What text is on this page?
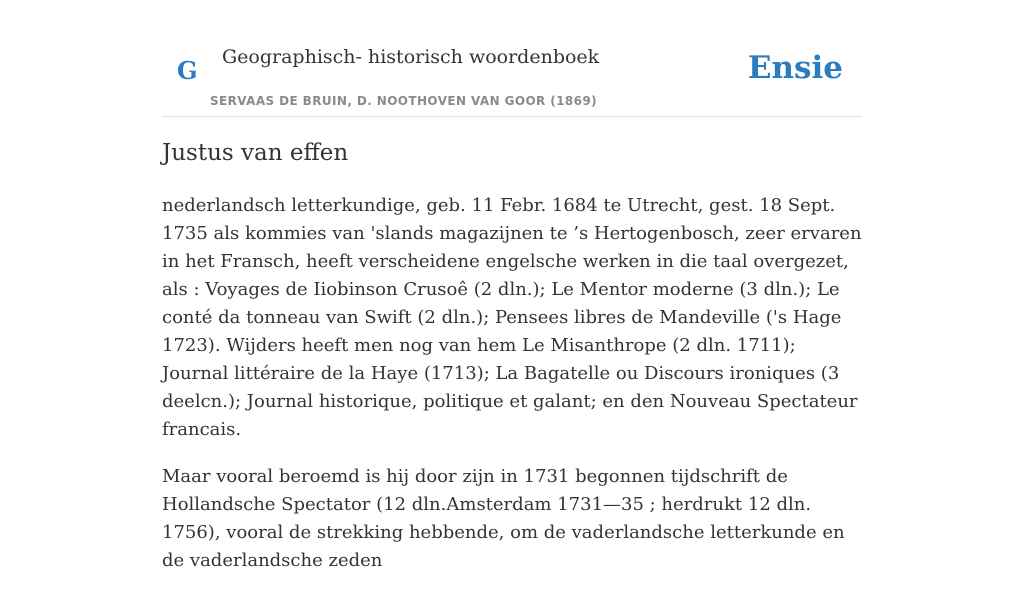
G Geographisch- historisch woordenboek
SERVAAS DE BRUIN, D. NOOTHOVEN VAN GOOR (1869)
Ensie
Justus van effen

nederlandsch letterkundige, geb. 11 Febr. 1684 te Utrecht, gest. 18 Sept. 1735 als kommies van 'slands magazijnen te ’s Hertogenbosch, zeer ervaren in het Fransch, heeft verscheidene engelsche werken in die taal overgezet, als : Voyages de Iiobinson Crusoê (2 dln.); Le Mentor moderne (3 dln.); Le conté da tonneau van Swift (2 dln.); Pensees libres de Mandeville ('s Hage 1723). Wijders heeft men nog van hem Le Misanthrope (2 dln. 1711); Journal littéraire de la Haye (1713); La Bagatelle ou Discours ironiques (3 deelcn.); Journal historique, politique et galant; en den Nouveau Spectateur francais.

Maar vooral beroemd is hij door zijn in 1731 begonnen tijdschrift de Hollandsche Spectator (12 dln.Amsterdam 1731—35 ; herdrukt 12 dln. 1756), vooral de strekking hebbende, om de vaderlandsche letterkunde en de vaderlandsche zeden
